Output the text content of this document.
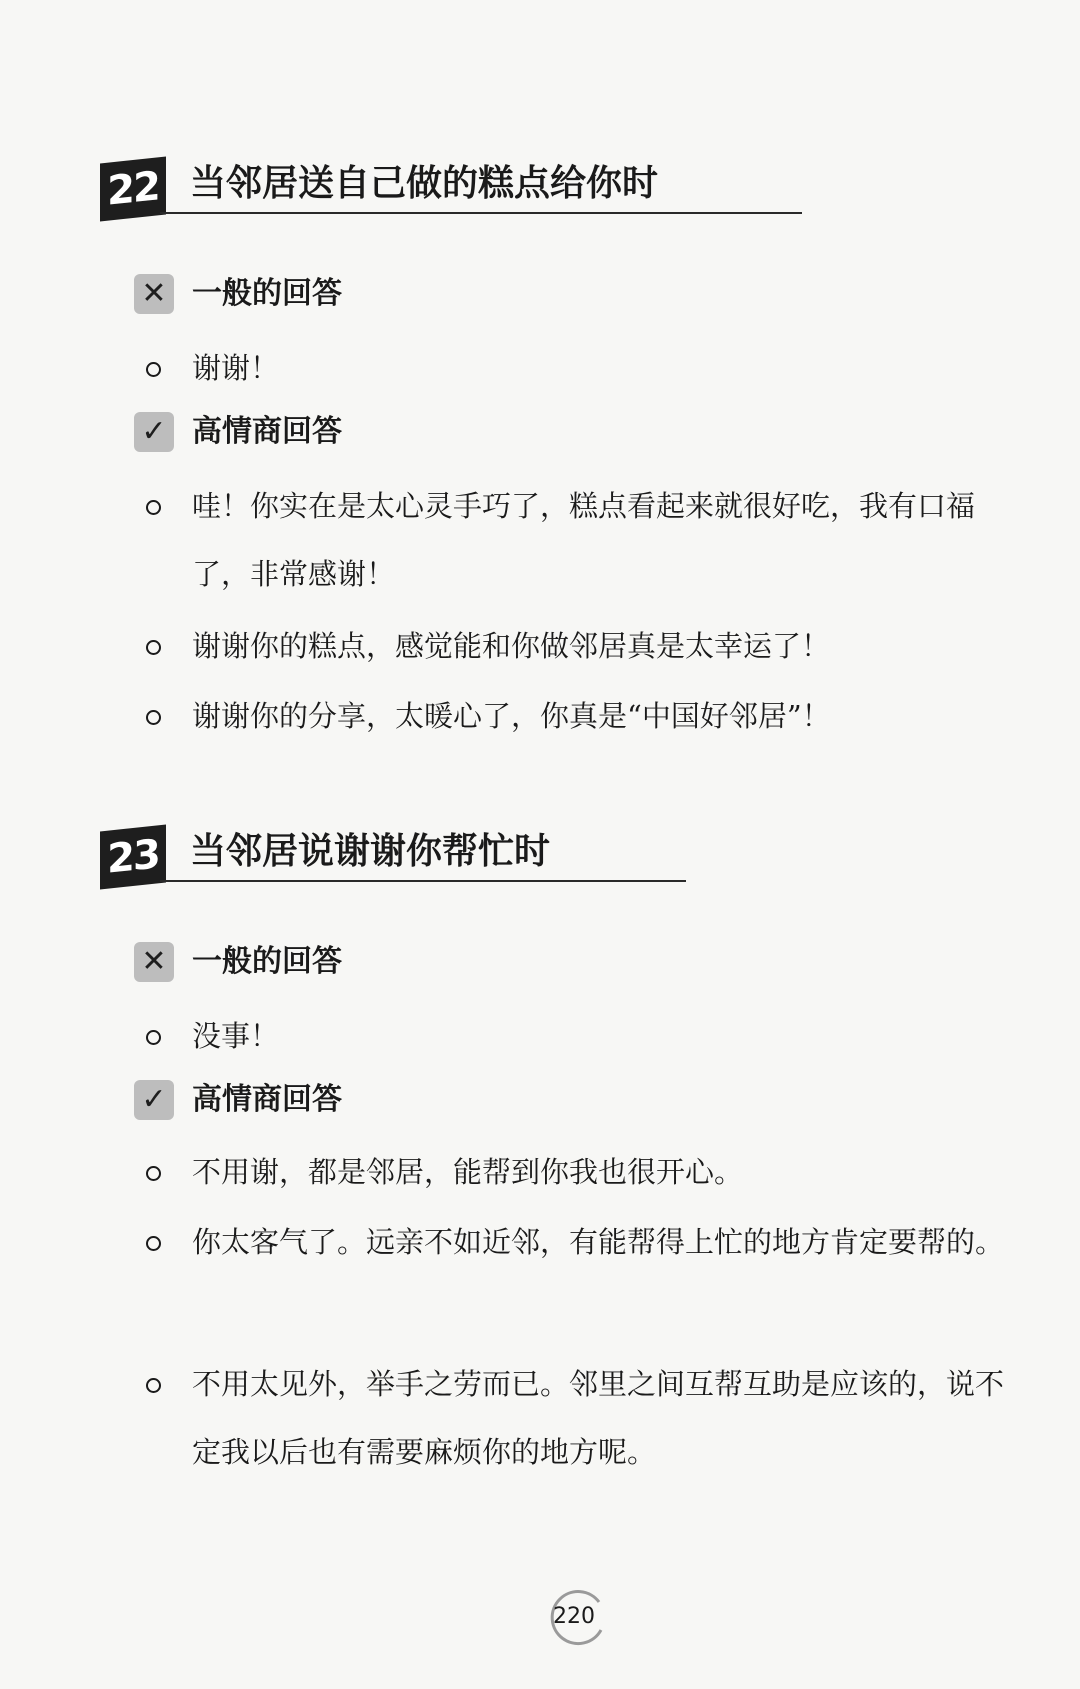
22 当邻居送自己做的糕点给你时
✕ 一般的回答
谢谢！
✓ 高情商回答
哇！你实在是太心灵手巧了，糕点看起来就很好吃，我有口福了，非常感谢！
谢谢你的糕点，感觉能和你做邻居真是太幸运了！
谢谢你的分享，太暖心了，你真是“中国好邻居”！
23 当邻居说谢谢你帮忙时
✕ 一般的回答
没事！
✓ 高情商回答
不用谢，都是邻居，能帮到你我也很开心。
你太客气了。远亲不如近邻，有能帮得上忙的地方肯定要帮的。
不用太见外，举手之劳而已。邻里之间互帮互助是应该的，说不定我以后也有需要麻烦你的地方呢。
220
